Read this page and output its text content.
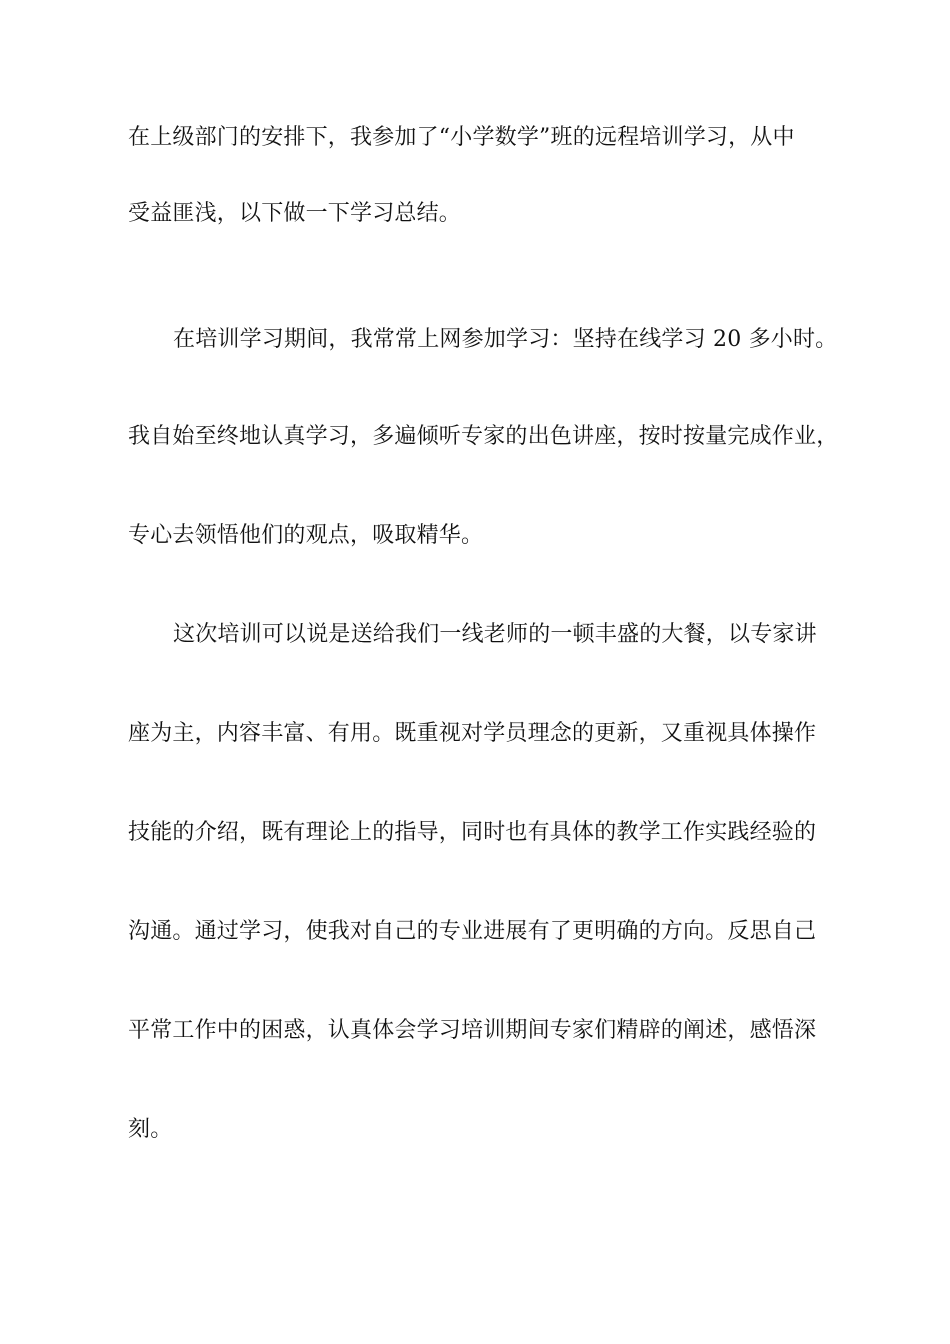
在上级部门的安排下，我参加了“小学数学”班的远程培训学习，从中
受益匪浅，以下做一下学习总结。
在培训学习期间，我常常上网参加学习：坚持在线学习 20 多小时。
我自始至终地认真学习，多遍倾听专家的出色讲座，按时按量完成作业，
专心去领悟他们的观点，吸取精华。
这次培训可以说是送给我们一线老师的一顿丰盛的大餐，以专家讲
座为主，内容丰富、有用。既重视对学员理念的更新，又重视具体操作
技能的介绍，既有理论上的指导，同时也有具体的教学工作实践经验的
沟通。通过学习，使我对自己的专业进展有了更明确的方向。反思自己
平常工作中的困惑，认真体会学习培训期间专家们精辟的阐述，感悟深
刻。
